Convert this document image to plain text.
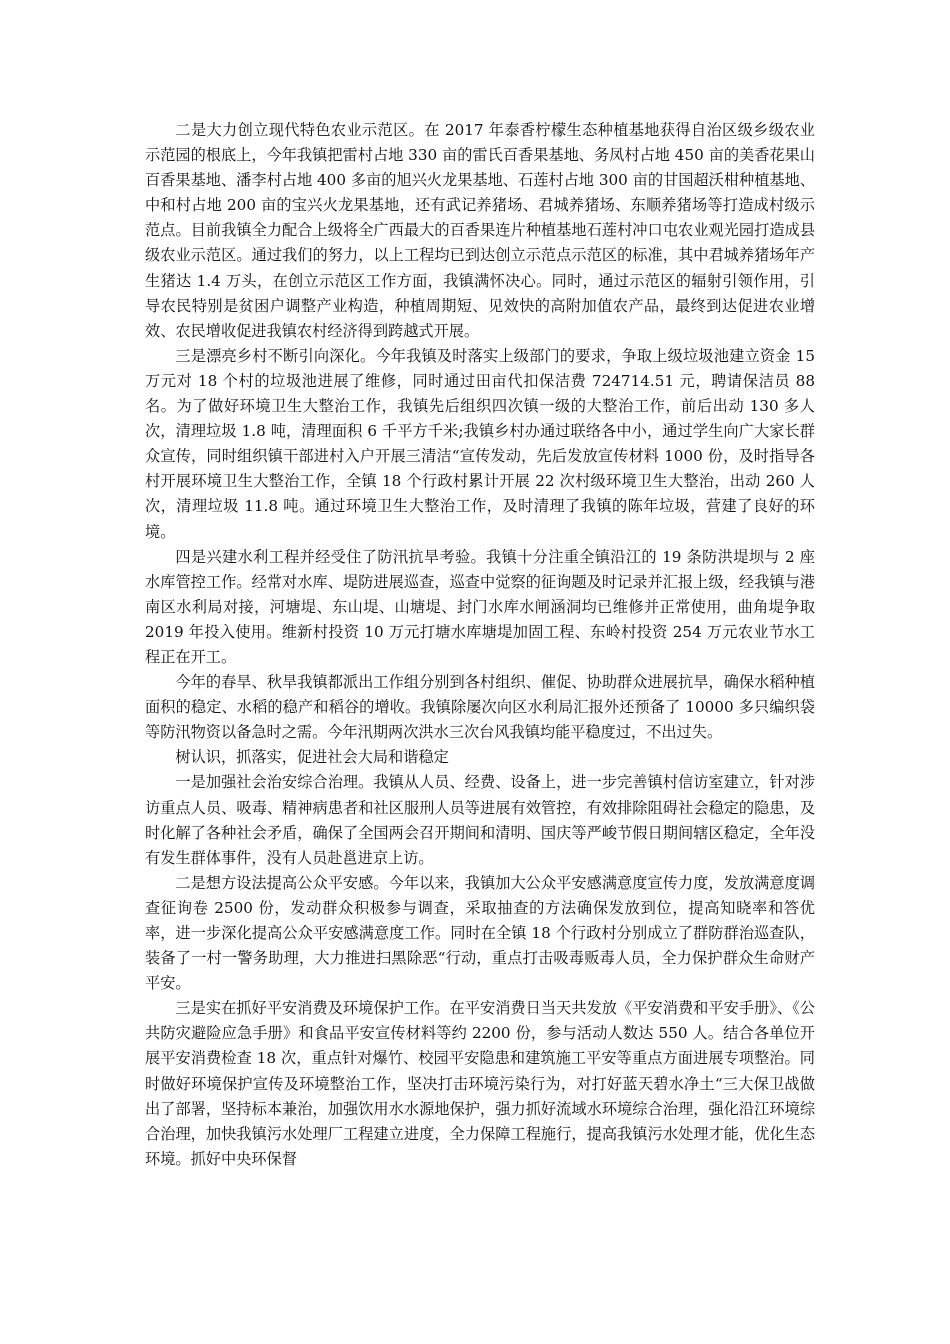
二是大力创立现代特色农业示范区。在 2017 年泰香柠檬生态种植基地获得自治区级乡级农业示范园的根底上，今年我镇把雷村占地 330 亩的雷氏百香果基地、务凤村占地 450 亩的美香花果山百香果基地、潘李村占地 400 多亩的旭兴火龙果基地、石莲村占地 300 亩的甘国超沃柑种植基地、中和村占地 200 亩的宝兴火龙果基地，还有武记养猪场、君城养猪场、东顺养猪场等打造成村级示范点。目前我镇全力配合上级将全广西最大的百香果连片种植基地石莲村冲口屯农业观光园打造成县级农业示范区。通过我们的努力，以上工程均已到达创立示范点示范区的标准，其中君城养猪场年产生猪达 1.4 万头，在创立示范区工作方面，我镇满怀决心。同时，通过示范区的辐射引领作用，引导农民特别是贫困户调整产业构造，种植周期短、见效快的高附加值农产品，最终到达促进农业增效、农民增收促进我镇农村经济得到跨越式开展。

三是漂亮乡村不断引向深化。今年我镇及时落实上级部门的要求，争取上级垃圾池建立资金 15 万元对 18 个村的垃圾池进展了维修，同时通过田亩代扣保洁费 724714.51 元，聘请保洁员 88 名。为了做好环境卫生大整治工作，我镇先后组织四次镇一级的大整治工作，前后出动 130 多人次，清理垃圾 1.8 吨，清理面积 6 千平方千米;我镇乡村办通过联络各中小，通过学生向广大家长群众宣传，同时组织镇干部进村入户开展三清洁“宣传发动，先后发放宣传材料 1000 份，及时指导各村开展环境卫生大整治工作，全镇 18 个行政村累计开展 22 次村级环境卫生大整治，出动 260 人次，清理垃圾 11.8 吨。通过环境卫生大整治工作，及时清理了我镇的陈年垃圾，营建了良好的环境。

四是兴建水利工程并经受住了防汛抗旱考验。我镇十分注重全镇沿江的 19 条防洪堤坝与 2 座水库管控工作。经常对水库、堤防进展巡查，巡查中觉察的征询题及时记录并汇报上级，经我镇与港南区水利局对接，河塘堤、东山堤、山塘堤、封门水库水闸涵洞均已维修并正常使用，曲角堤争取 2019 年投入使用。维新村投资 10 万元打塘水库塘堤加固工程、东岭村投资 254 万元农业节水工程正在开工。

今年的春旱、秋旱我镇都派出工作组分别到各村组织、催促、协助群众进展抗旱，确保水稻种植面积的稳定、水稻的稳产和稻谷的增收。我镇除屡次向区水利局汇报外还预备了 10000 多只编织袋等防汛物资以备急时之需。今年汛期两次洪水三次台风我镇均能平稳度过，不出过失。

树认识，抓落实，促进社会大局和谐稳定

一是加强社会治安综合治理。我镇从人员、经费、设备上，进一步完善镇村信访室建立，针对涉访重点人员、吸毒、精神病患者和社区服刑人员等进展有效管控，有效排除阻碍社会稳定的隐患，及时化解了各种社会矛盾，确保了全国两会召开期间和清明、国庆等严峻节假日期间辖区稳定，全年没有发生群体事件，没有人员赴邕进京上访。

二是想方设法提高公众平安感。今年以来，我镇加大公众平安感满意度宣传力度，发放满意度调查征询卷 2500 份，发动群众积极参与调查，采取抽查的方法确保发放到位，提高知晓率和答优率，进一步深化提高公众平安感满意度工作。同时在全镇 18 个行政村分别成立了群防群治巡查队，装备了一村一警务助理，大力推进扫黑除恶“行动，重点打击吸毒贩毒人员，全力保护群众生命财产平安。

三是实在抓好平安消费及环境保护工作。在平安消费日当天共发放《平安消费和平安手册》、《公共防灾避险应急手册》和食品平安宣传材料等约 2200 份，参与活动人数达 550 人。结合各单位开展平安消费检查 18 次，重点针对爆竹、校园平安隐患和建筑施工平安等重点方面进展专项整治。同时做好环境保护宣传及环境整治工作，坚决打击环境污染行为，对打好蓝天碧水净土“三大保卫战做出了部署，坚持标本兼治，加强饮用水水源地保护，强力抓好流域水环境综合治理，强化沿江环境综合治理，加快我镇污水处理厂工程建立进度，全力保障工程施行，提高我镇污水处理才能，优化生态环境。抓好中央环保督
